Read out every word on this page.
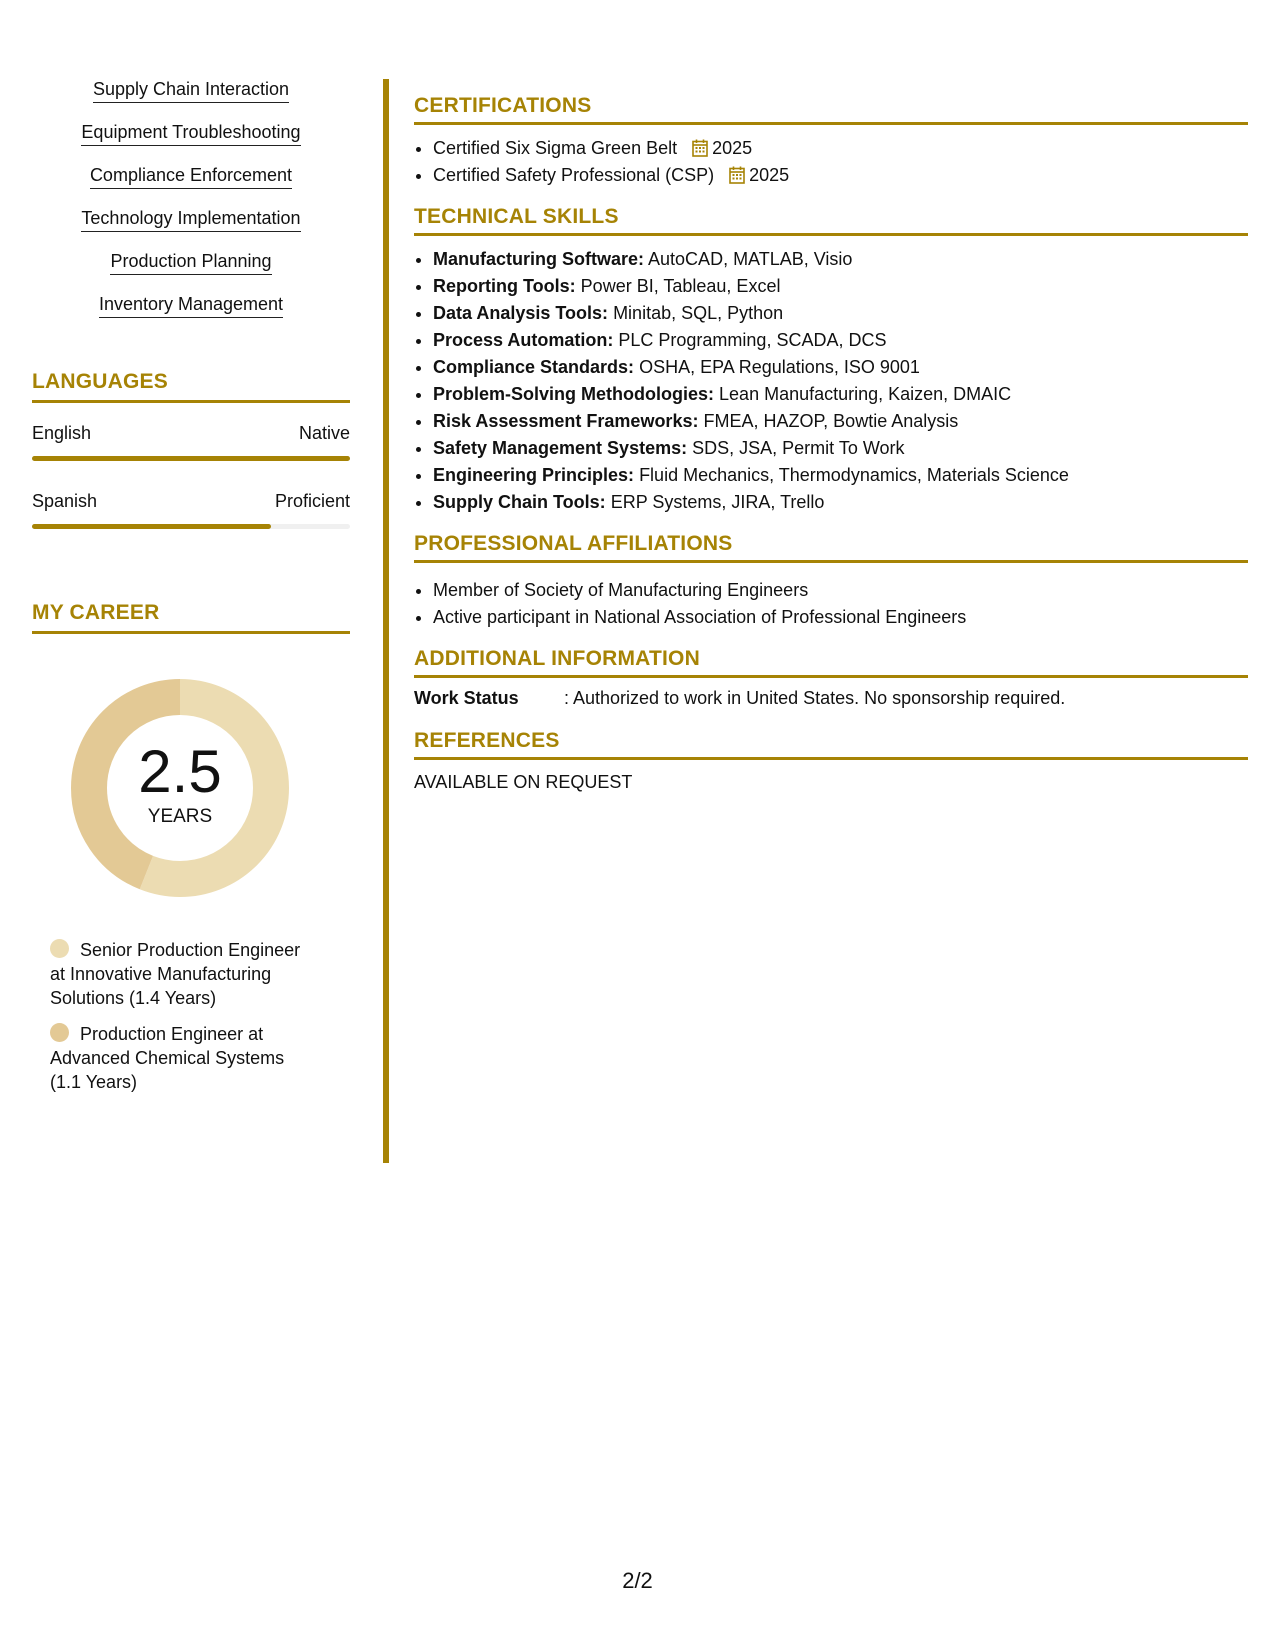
Supply Chain Interaction
Equipment Troubleshooting
Compliance Enforcement
Technology Implementation
Production Planning
Inventory Management
LANGUAGES
English	Native
Spanish	Proficient
MY CAREER
2.5
YEARS
Senior Production Engineer at Innovative Manufacturing Solutions (1.4 Years)
Production Engineer at Advanced Chemical Systems (1.1 Years)
CERTIFICATIONS
• Certified Six Sigma Green Belt 2025
• Certified Safety Professional (CSP) 2025
TECHNICAL SKILLS
• Manufacturing Software: AutoCAD, MATLAB, Visio
• Reporting Tools: Power BI, Tableau, Excel
• Data Analysis Tools: Minitab, SQL, Python
• Process Automation: PLC Programming, SCADA, DCS
• Compliance Standards: OSHA, EPA Regulations, ISO 9001
• Problem-Solving Methodologies: Lean Manufacturing, Kaizen, DMAIC
• Risk Assessment Frameworks: FMEA, HAZOP, Bowtie Analysis
• Safety Management Systems: SDS, JSA, Permit To Work
• Engineering Principles: Fluid Mechanics, Thermodynamics, Materials Science
• Supply Chain Tools: ERP Systems, JIRA, Trello
PROFESSIONAL AFFILIATIONS
• Member of Society of Manufacturing Engineers
• Active participant in National Association of Professional Engineers
ADDITIONAL INFORMATION
Work Status	: Authorized to work in United States. No sponsorship required.
REFERENCES
AVAILABLE ON REQUEST
2/2
